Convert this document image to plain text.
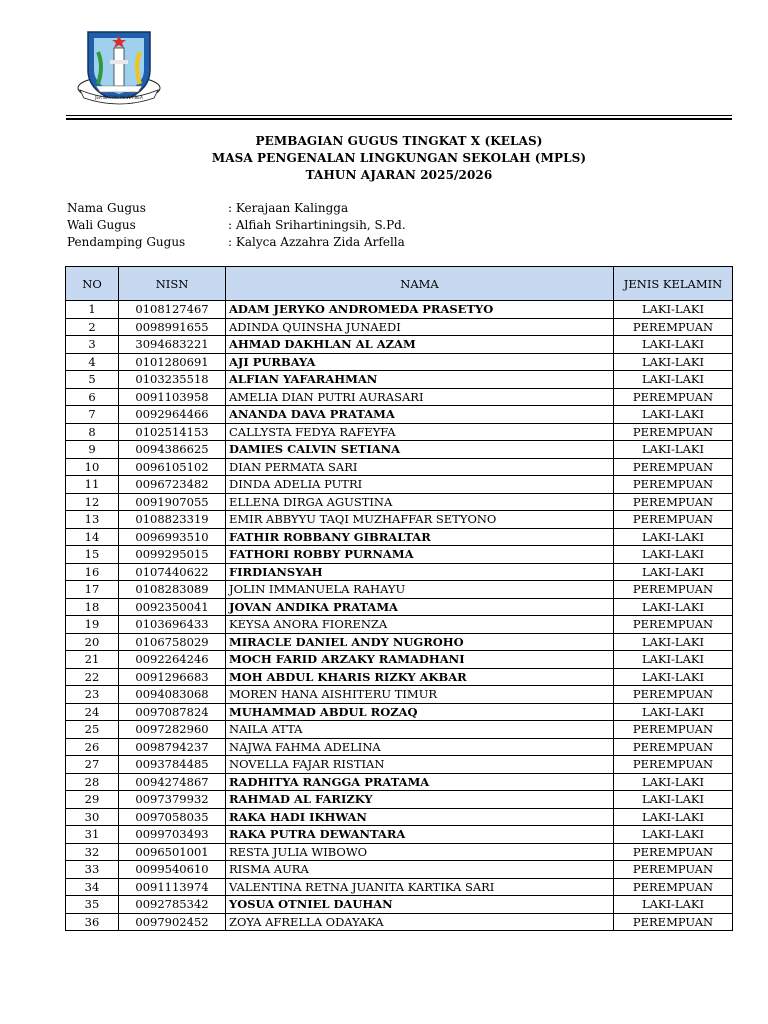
JER BASUKI MAWA BEA
PEMBAGIAN GUGUS TINGKAT X (KELAS)
MASA PENGENALAN LINGKUNGAN SEKOLAH (MPLS)
TAHUN AJARAN 2025/2026
Nama Gugus	: Kerajaan Kalingga
Wali Gugus	: Alfiah Srihartiningsih, S.Pd.
Pendamping Gugus	: Kalyca Azzahra Zida Arfella
NO	NISN	NAMA	JENIS KELAMIN
1	0108127467	ADAM JERYKO ANDROMEDA PRASETYO	LAKI-LAKI
2	0098991655	ADINDA QUINSHA JUNAEDI	PEREMPUAN
3	3094683221	AHMAD DAKHLAN AL AZAM	LAKI-LAKI
4	0101280691	AJI PURBAYA	LAKI-LAKI
5	0103235518	ALFIAN YAFARAHMAN	LAKI-LAKI
6	0091103958	AMELIA DIAN PUTRI AURASARI	PEREMPUAN
7	0092964466	ANANDA DAVA PRATAMA	LAKI-LAKI
8	0102514153	CALLYSTA FEDYA RAFEYFA	PEREMPUAN
9	0094386625	DAMIES CALVIN SETIANA	LAKI-LAKI
10	0096105102	DIAN PERMATA SARI	PEREMPUAN
11	0096723482	DINDA ADELIA PUTRI	PEREMPUAN
12	0091907055	ELLENA DIRGA AGUSTINA	PEREMPUAN
13	0108823319	EMIR ABBYYU TAQI MUZHAFFAR SETYONO	PEREMPUAN
14	0096993510	FATHIR ROBBANY GIBRALTAR	LAKI-LAKI
15	0099295015	FATHORI ROBBY PURNAMA	LAKI-LAKI
16	0107440622	FIRDIANSYAH	LAKI-LAKI
17	0108283089	JOLIN IMMANUELA RAHAYU	PEREMPUAN
18	0092350041	JOVAN ANDIKA PRATAMA	LAKI-LAKI
19	0103696433	KEYSA ANORA FIORENZA	PEREMPUAN
20	0106758029	MIRACLE DANIEL ANDY NUGROHO	LAKI-LAKI
21	0092264246	MOCH FARID ARZAKY RAMADHANI	LAKI-LAKI
22	0091296683	MOH ABDUL KHARIS RIZKY AKBAR	LAKI-LAKI
23	0094083068	MOREN HANA AISHITERU TIMUR	PEREMPUAN
24	0097087824	MUHAMMAD ABDUL ROZAQ	LAKI-LAKI
25	0097282960	NAILA ATTA	PEREMPUAN
26	0098794237	NAJWA FAHMA ADELINA	PEREMPUAN
27	0093784485	NOVELLA FAJAR RISTIAN	PEREMPUAN
28	0094274867	RADHITYA RANGGA PRATAMA	LAKI-LAKI
29	0097379932	RAHMAD AL FARIZKY	LAKI-LAKI
30	0097058035	RAKA HADI IKHWAN	LAKI-LAKI
31	0099703493	RAKA PUTRA DEWANTARA	LAKI-LAKI
32	0096501001	RESTA JULIA WIBOWO	PEREMPUAN
33	0099540610	RISMA AURA	PEREMPUAN
34	0091113974	VALENTINA RETNA JUANITA KARTIKA SARI	PEREMPUAN
35	0092785342	YOSUA OTNIEL DAUHAN	LAKI-LAKI
36	0097902452	ZOYA AFRELLA ODAYAKA	PEREMPUAN
